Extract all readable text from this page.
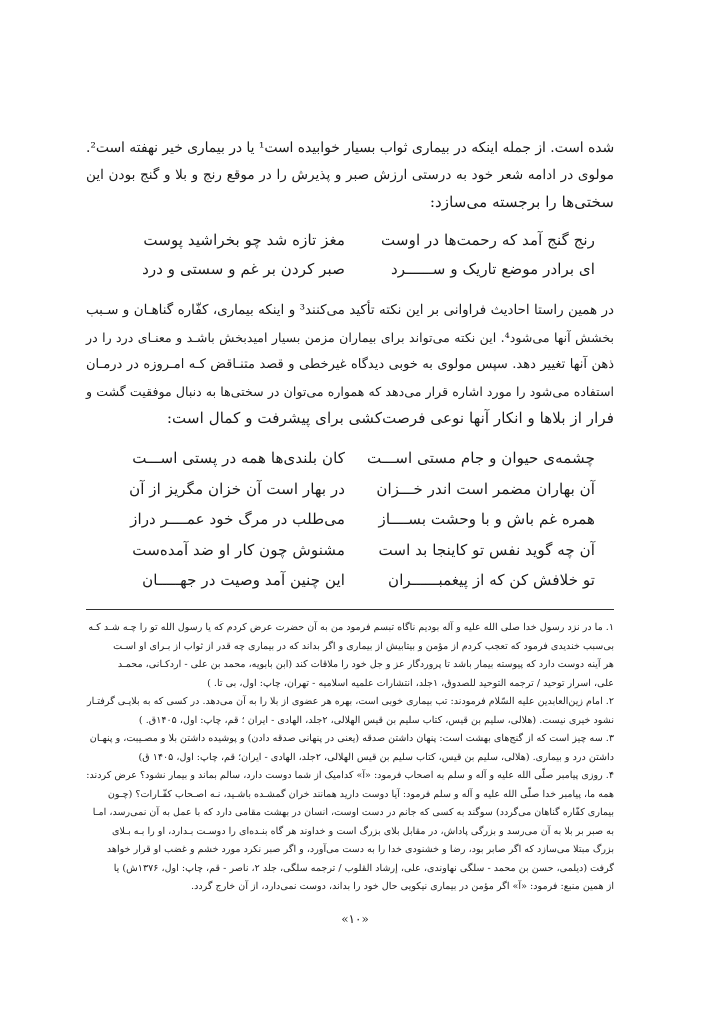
شده است. از جمله اینکه در بیماری ثواب بسیار خوابیده است¹ یا در بیماری خیر نهفته است².
مولوی در ادامه شعر خود به درستی ارزش صبر و پذیرش را در موقع رنج و بلا و گنج بودن این
سختی‌ها را برجسته می‌سازد:
رنج گنج آمد که رحمت‌ها در اوست
مغز تازه شد چو بخراشید پوست
ای برادر موضع تاریک و ســــــرد
صبر کردن بر غم و سستی و درد
در همین راستا احادیث فراوانی بر این نکته تأکید می‌کنند³ و اینکه بیماری، کفّاره گناهـان و سـبب
بخشش آنها می‌شود⁴. این نکته می‌تواند برای بیماران مزمن بسیار امیدبخش باشـد و معنـای درد را در
ذهن آنها تغییر دهد. سپس مولوی به خوبی دیدگاه غیرخطی و قصد متنـاقض کـه امـروزه در درمـان
استفاده می‌شود را مورد اشاره قرار می‌دهد که همواره می‌توان در سختی‌ها به دنبال موفقیت گشت و
فرار از بلاها و انکار آنها نوعی فرصت‌کشی برای پیشرفت و کمال است:
چشمه‌ی حیوان و جام مستی اســـت
کان بلندی‌ها همه در پستی اســـت
آن بهاران مضمر است اندر خـــزان
در بهار است آن خزان مگریز از آن
همره غم باش و با وحشت بســــاز
می‌طلب در مرگ خود عمــــر دراز
آن چه گوید نفس تو کاینجا بد است
مشنوش چون کار او ضد آمده‌ست
تو خلافش کن که از پیغمبــــــران
این چنین آمد وصیت در جهـــــان
۱. ما در نزد رسول خدا صلی الله علیه و آله بودیم ناگاه تبسم فرمود من به آن حضرت عرض کردم که یا رسول الله تو را چـه شـد کـه
بی‌سبب خندیدی فرمود که تعجب کردم از مؤمن و بیتابیش از بیماری و اگر بداند که در بیماری چه قدر از ثواب از بـرای او اسـت
هر آینه دوست دارد که پیوسته بیمار باشد تا پروردگار عز و جل خود را ملاقات کند (ابن بابویه، محمد بن علی - اردکـانی، محمـد
علی، اسرار توحید / ترجمه التوحید للصدوق، ۱جلد، انتشارات علمیه اسلامیه - تهران، چاپ: اول، بی تا. )
۲. امام زین‌العابدین علیه السّلام فرمودند: تب بیماری خوبی است، بهره هر عضوی از بلا را به آن می‌دهد. در کسی که به بلایـی گرفتـار
نشود خیری نیست. (هلالی، سلیم بن قیس، کتاب سلیم بن قیس الهلالی، ۲جلد، الهادی - ایران ؛ قم، چاپ: اول، ۱۴۰۵ق. )
۳. سه چیز است که از گنج‌های بهشت است: پنهان داشتن صدقه (یعنی در پنهانی صدقه دادن) و پوشیده داشتن بلا و مصـیبت، و پنهـان
داشتن درد و بیماری. (هلالی، سلیم بن قیس، کتاب سلیم بن قیس الهلالی، ۲جلد، الهادی - ایران؛ قم، چاپ: اول، ۱۴۰۵ ق)
۴. روزی پیامبر صلّی الله علیه و آله و سلم به اصحاب فرمود: «آ» کدامیک از شما دوست دارد، سالم بماند و بیمار نشود؟ عرض کردند:
همه ما، پیامبر خدا صلّی الله علیه و آله و سلم فرمود: آیا دوست دارید همانند خران گمشـده باشـید، نـه اصـحاب کفّـارات؟ (چـون
بیماری کفّاره گناهان می‌گردد) سوگند به کسی که جانم در دست اوست، انسان در بهشت مقامی دارد که با عمل به آن نمی‌رسد، امـا
به صبر بر بلا به آن می‌رسد و بزرگی پاداش، در مقابل بلای بزرگ است و خداوند هر گاه بنـده‌ای را دوسـت بـدارد، او را بـه بـلای
بزرگ مبتلا می‌سازد که اگر صابر بود، رضا و خشنودی خدا را به دست می‌آورد، و اگر صبر نکرد مورد خشم و غضب او قرار خواهد
گرفت (دیلمی، حسن بن محمد - سلگی نهاوندی، علی، إرشاد القلوب / ترجمه سلگی، جلد ۲، ناصر - قم، چاپ: اول، ۱۳۷۶ش) یا
از همین منبع: فرمود: «آ» اگر مؤمن در بیماری نیکویی حال خود را بداند، دوست نمی‌دارد، از آن خارج گردد.
«۱۰»
